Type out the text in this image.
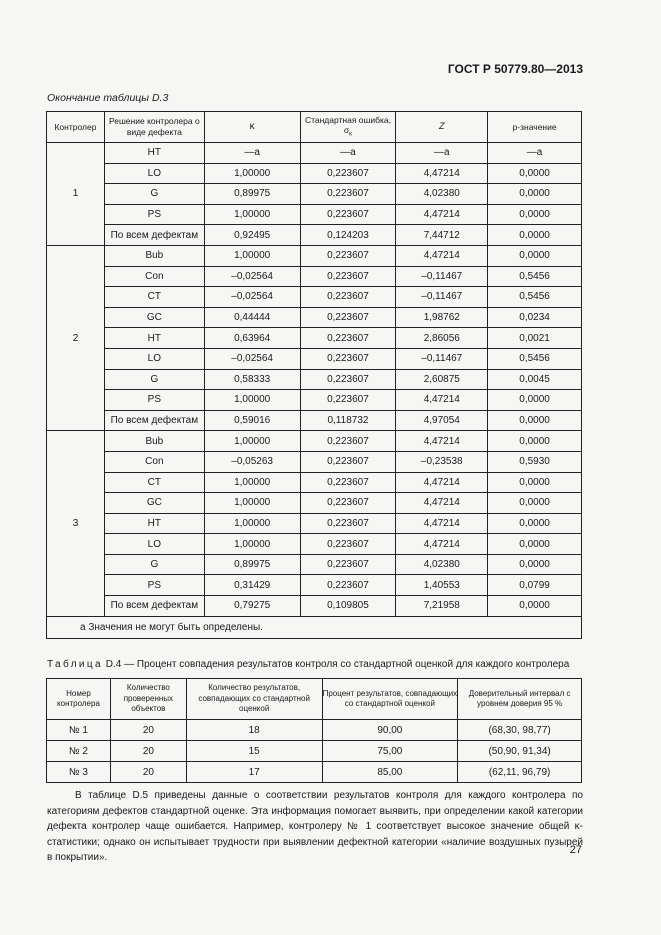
ГОСТ Р 50779.80—2013
Окончание таблицы D.3
Контролер	Решение контролера о виде дефекта	κ	Стандартная ошибка, $\sigma_\kappa$	Z	р-значение
1	НТ	—а	—а	—а	—а
	LO	1,00000	0,223607	4,47214	0,0000
	G	0,89975	0,223607	4,02380	0,0000
	PS	1,00000	0,223607	4,47214	0,0000
	По всем дефектам	0,92495	0,124203	7,44712	0,0000
2	Bub	1,00000	0,223607	4,47214	0,0000
	Con	–0,02564	0,223607	–0,11467	0,5456
	CT	–0,02564	0,223607	–0,11467	0,5456
	GC	0,44444	0,223607	1,98762	0,0234
	НТ	0,63964	0,223607	2,86056	0,0021
	LO	–0,02564	0,223607	–0,11467	0,5456
	G	0,58333	0,223607	2,60875	0,0045
	PS	1,00000	0,223607	4,47214	0,0000
	По всем дефектам	0,59016	0,118732	4,97054	0,0000
3	Bub	1,00000	0,223607	4,47214	0,0000
	Con	–0,05263	0,223607	–0,23538	0,5930
	CT	1,00000	0,223607	4,47214	0,0000
	GC	1,00000	0,223607	4,47214	0,0000
	НТ	1,00000	0,223607	4,47214	0,0000
	LO	1,00000	0,223607	4,47214	0,0000
	G	0,89975	0,223607	4,02380	0,0000
	PS	0,31429	0,223607	1,40553	0,0799
	По всем дефектам	0,79275	0,109805	7,21958	0,0000
а Значения не могут быть определены.					
Таблица D.4 — Процент совпадения результатов контроля со стандартной оценкой для каждого контролера
Номер контролера	Количество проверенных объектов	Количество результатов, совпадающих со стандартной оценкой	Процент результатов, совпадающих со стандартной оценкой	Доверительный интервал с уровнем доверия 95 %
№ 1	20	18	90,00	(68,30, 98,77)
№ 2	20	15	75,00	(50,90, 91,34)
№ 3	20	17	85,00	(62,11, 96,79)

В таблице D.5 приведены данные о соответствии результатов контроля для каждого контролера по категориям дефектов стандартной оценке. Эта информация помогает выявить, при определении какой категории дефекта контролер чаще ошибается. Например, контролеру № 1 соответствует высокое значение общей κ-статистики; однако он испытывает трудности при выявлении дефектной категории «наличие воздушных пузырей в покрытии».

27
